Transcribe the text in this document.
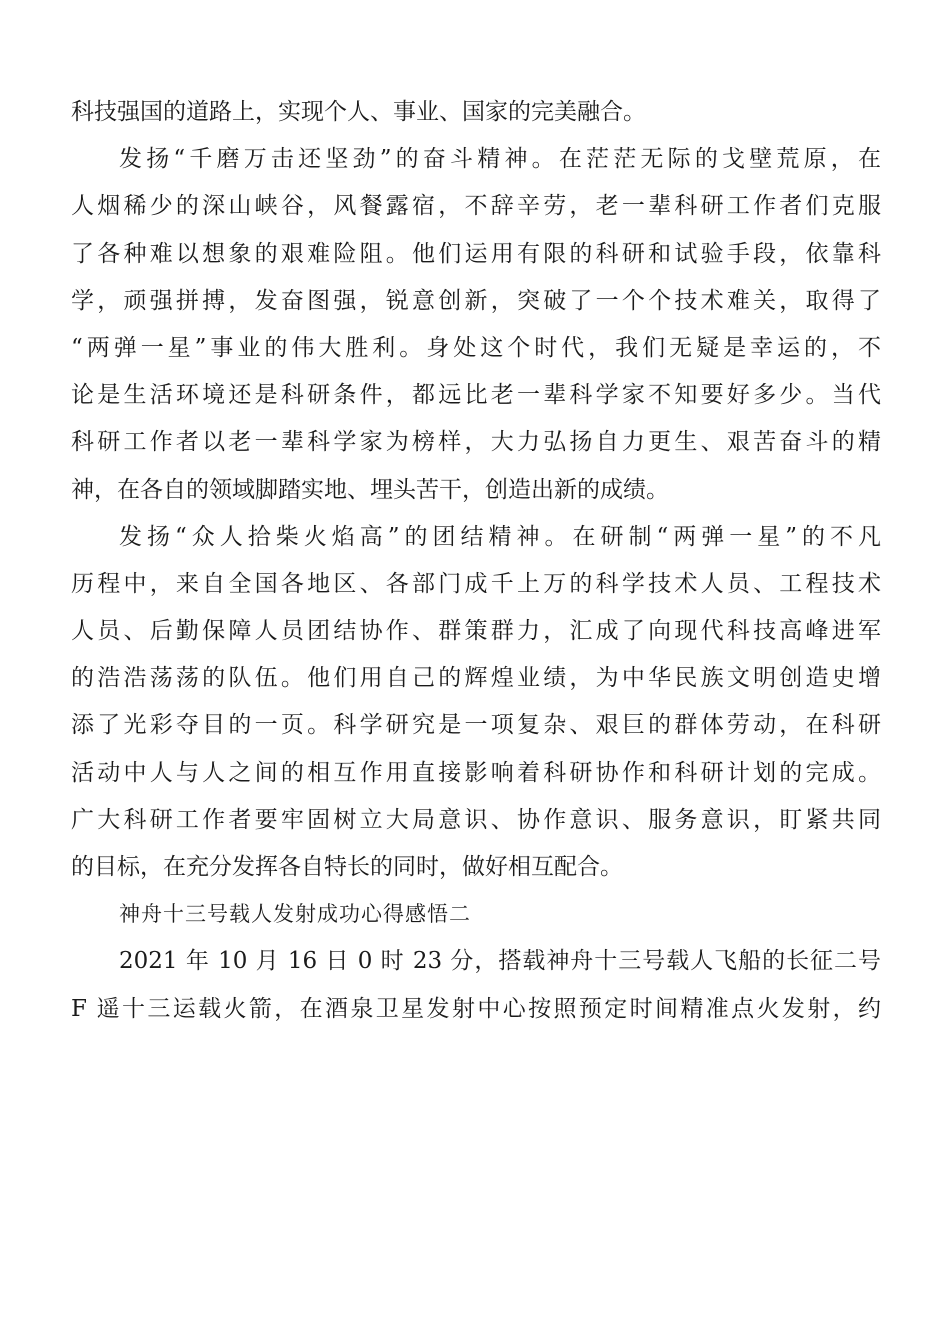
科技强国的道路上，实现个人、事业、国家的完美融合。
发扬“千磨万击还坚劲”的奋斗精神。在茫茫无际的戈壁荒原，在
人烟稀少的深山峡谷，风餐露宿，不辞辛劳，老一辈科研工作者们克服
了各种难以想象的艰难险阻。他们运用有限的科研和试验手段，依靠科
学，顽强拼搏，发奋图强，锐意创新，突破了一个个技术难关，取得了
“两弹一星”事业的伟大胜利。身处这个时代，我们无疑是幸运的，不
论是生活环境还是科研条件，都远比老一辈科学家不知要好多少。当代
科研工作者以老一辈科学家为榜样，大力弘扬自力更生、艰苦奋斗的精
神，在各自的领域脚踏实地、埋头苦干，创造出新的成绩。
发扬“众人拾柴火焰高”的团结精神。在研制“两弹一星”的不凡
历程中，来自全国各地区、各部门成千上万的科学技术人员、工程技术
人员、后勤保障人员团结协作、群策群力，汇成了向现代科技高峰进军
的浩浩荡荡的队伍。他们用自己的辉煌业绩，为中华民族文明创造史增
添了光彩夺目的一页。科学研究是一项复杂、艰巨的群体劳动，在科研
活动中人与人之间的相互作用直接影响着科研协作和科研计划的完成。
广大科研工作者要牢固树立大局意识、协作意识、服务意识，盯紧共同
的目标，在充分发挥各自特长的同时，做好相互配合。
神舟十三号载人发射成功心得感悟二
2021 年 10 月 16 日 0 时 23 分，搭载神舟十三号载人飞船的长征二号
F 遥十三运载火箭，在酒泉卫星发射中心按照预定时间精准点火发射，约
